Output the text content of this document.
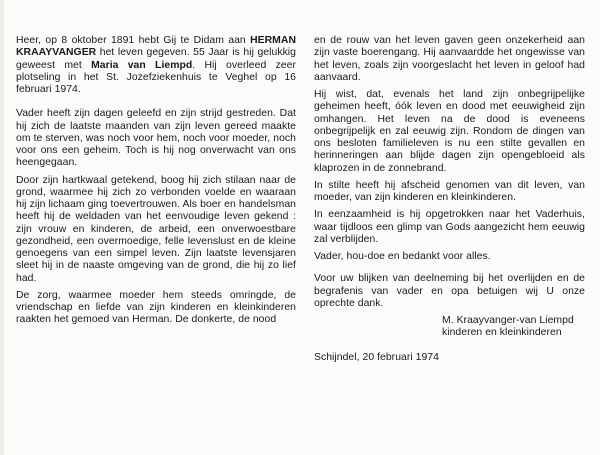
Heer, op 8 oktober 1891 hebt Gij te Didam aan HERMAN KRAAYVANGER het leven gegeven. 55 Jaar is hij gelukkig geweest met Maria van Liempd. Hij overleed zeer plotseling in het St. Jozefziekenhuis te Veghel op 16 februari 1974.

Vader heeft zijn dagen geleefd en zijn strijd gestreden. Dat hij zich de laatste maanden van zijn leven gereed maakte om te sterven, was noch voor hem, noch voor moeder, noch voor ons een geheim. Toch is hij nog onverwacht van ons heengegaan.

Door zijn hartkwaal getekend, boog hij zich stilaan naar de grond, waarmee hij zich zo verbonden voelde en waaraan hij zijn lichaam ging toevertrouwen. Als boer en handelsman heeft hij de weldaden van het eenvoudige leven gekend : zijn vrouw en kinderen, de arbeid, een onverwoestbare gezondheid, een overmoedige, felle levenslust en de kleine genoegens van een simpel leven. Zijn laatste levensjaren sleet hij in de naaste omgeving van de grond, die hij zo lief had.

De zorg, waarmee moeder hem steeds omringde, de vriendschap en liefde van zijn kinderen en kleinkinderen raakten het gemoed van Herman. De donkerte, de nood

en de rouw van het leven gaven geen onzekerheid aan zijn vaste boerengang. Hij aanvaardde het ongewisse van het leven, zoals zijn voorgeslacht het leven in geloof had aanvaard.

Hij wist, dat, evenals het land zijn onbegrijpelijke geheimen heeft, óók leven en dood met eeuwigheid zijn omhangen. Het leven na de dood is eveneens onbegrijpelijk en zal eeuwig zijn. Rondom de dingen van ons besloten familieleven is nu een stilte gevallen en herinneringen aan blijde dagen zijn opengebloeid als klaprozen in de zonnebrand.

In stilte heeft hij afscheid genomen van dit leven, van moeder, van zijn kinderen en kleinkinderen.

In eenzaamheid is hij opgetrokken naar het Vaderhuis, waar tijdloos een glimp van Gods aangezicht hem eeuwig zal verblijden.

Vader, hou-doe en bedankt voor alles.

Voor uw blijken van deelneming bij het overlijden en de begrafenis van vader en opa betuigen wij U onze oprechte dank.

M. Kraayvanger-van Liempd

kinderen en kleinkinderen

Schijndel, 20 februari 1974
